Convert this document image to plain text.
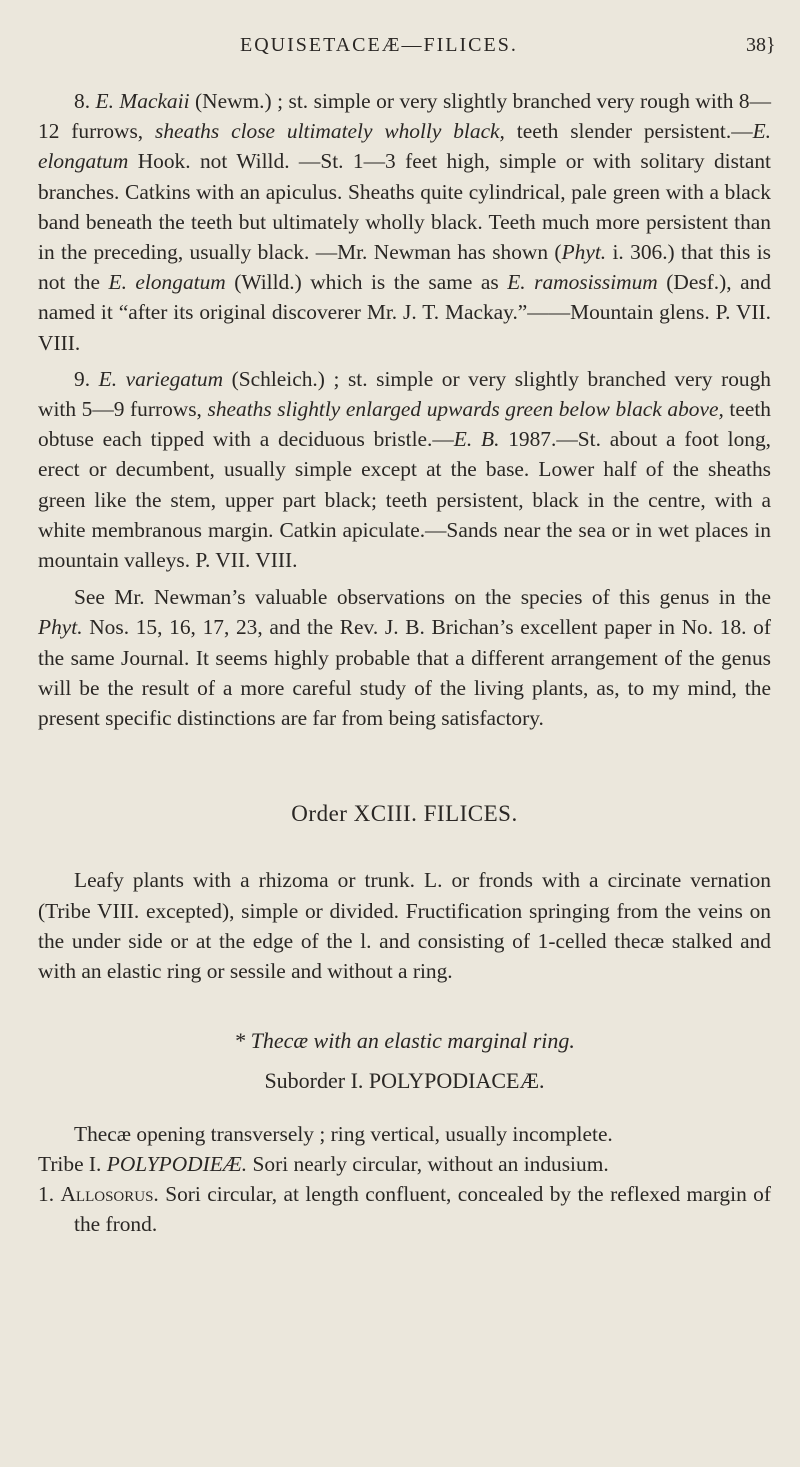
EQUISETACEÆ—FILICES.	38}

8. E. Mackaii (Newm.) ; st. simple or very slightly branched very rough with 8—12 furrows, sheaths close ultimately wholly black, teeth slender persistent.—E. elongatum Hook. not Willd. —St. 1—3 feet high, simple or with solitary distant branches. Catkins with an apiculus. Sheaths quite cylindrical, pale green with a black band beneath the teeth but ultimately wholly black. Teeth much more persistent than in the preceding, usually black. —Mr. Newman has shown (Phyt. i. 306.) that this is not the E. elongatum (Willd.) which is the same as E. ramosissimum (Desf.), and named it “after its original discoverer Mr. J. T. Mackay.”——Mountain glens. P. VII. VIII.

9. E. variegatum (Schleich.) ; st. simple or very slightly branched very rough with 5—9 furrows, sheaths slightly enlarged upwards green below black above, teeth obtuse each tipped with a deciduous bristle.—E. B. 1987.—St. about a foot long, erect or decumbent, usually simple except at the base. Lower half of the sheaths green like the stem, upper part black; teeth persistent, black in the centre, with a white membranous margin. Catkin apiculate.—Sands near the sea or in wet places in mountain valleys. P. VII. VIII.

See Mr. Newman’s valuable observations on the species of this genus in the Phyt. Nos. 15, 16, 17, 23, and the Rev. J. B. Brichan’s excellent paper in No. 18. of the same Journal. It seems highly probable that a different arrangement of the genus will be the result of a more careful study of the living plants, as, to my mind, the present specific distinctions are far from being satisfactory.

Order XCIII. FILICES.

Leafy plants with a rhizoma or trunk. L. or fronds with a circinate vernation (Tribe VIII. excepted), simple or divided. Fructification springing from the veins on the under side or at the edge of the l. and consisting of 1-celled thecæ stalked and with an elastic ring or sessile and without a ring.

* Thecæ with an elastic marginal ring.
Suborder I. POLYPODIACEÆ.

Thecæ opening transversely ; ring vertical, usually incomplete.

Tribe I. POLYPODIEÆ. Sori nearly circular, without an indusium.

1. Allosorus. Sori circular, at length confluent, concealed by the reflexed margin of the frond.
